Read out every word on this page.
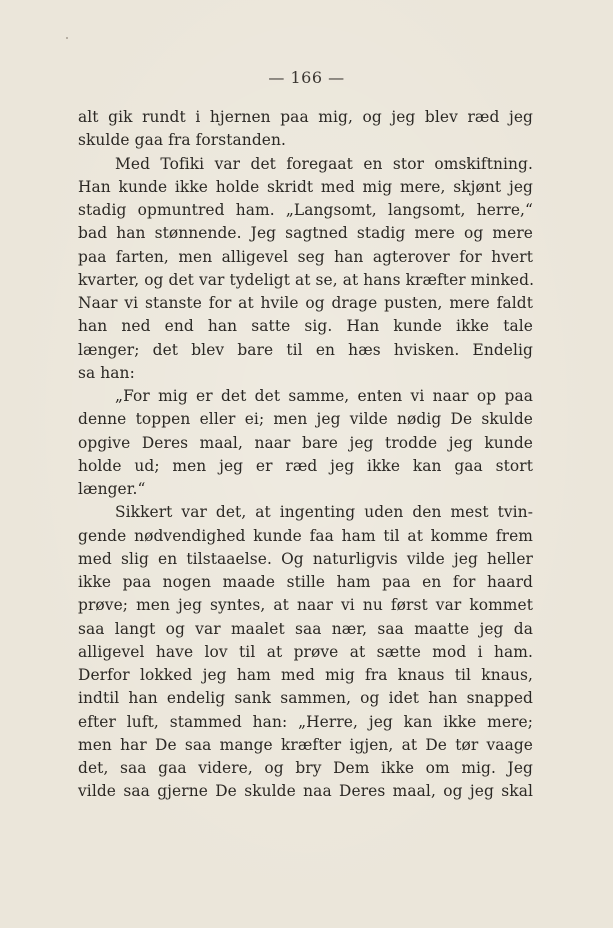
— 166 —
alt gik rundt i hjernen paa mig, og jeg blev ræd jeg
skulde gaa fra forstanden.
Med Tofiki var det foregaat en stor omskiftning.
Han kunde ikke holde skridt med mig mere, skjønt jeg
stadig opmuntred ham. „Langsomt, langsomt, herre,“
bad han stønnende. Jeg sagtned stadig mere og mere
paa farten, men alligevel seg han agterover for hvert
kvarter, og det var tydeligt at se, at hans kræfter minked.
Naar vi stanste for at hvile og drage pusten, mere faldt
han ned end han satte sig. Han kunde ikke tale
længer; det blev bare til en hæs hvisken. Endelig
sa han:
„For mig er det det samme, enten vi naar op paa
denne toppen eller ei; men jeg vilde nødig De skulde
opgive Deres maal, naar bare jeg trodde jeg kunde
holde ud; men jeg er ræd jeg ikke kan gaa stort
længer.“
Sikkert var det, at ingenting uden den mest tvin-
gende nødvendighed kunde faa ham til at komme frem
med slig en tilstaaelse. Og naturligvis vilde jeg heller
ikke paa nogen maade stille ham paa en for haard
prøve; men jeg syntes, at naar vi nu først var kommet
saa langt og var maalet saa nær, saa maatte jeg da
alligevel have lov til at prøve at sætte mod i ham.
Derfor lokked jeg ham med mig fra knaus til knaus,
indtil han endelig sank sammen, og idet han snapped
efter luft, stammed han: „Herre, jeg kan ikke mere;
men har De saa mange kræfter igjen, at De tør vaage
det, saa gaa videre, og bry Dem ikke om mig. Jeg
vilde saa gjerne De skulde naa Deres maal, og jeg skal
